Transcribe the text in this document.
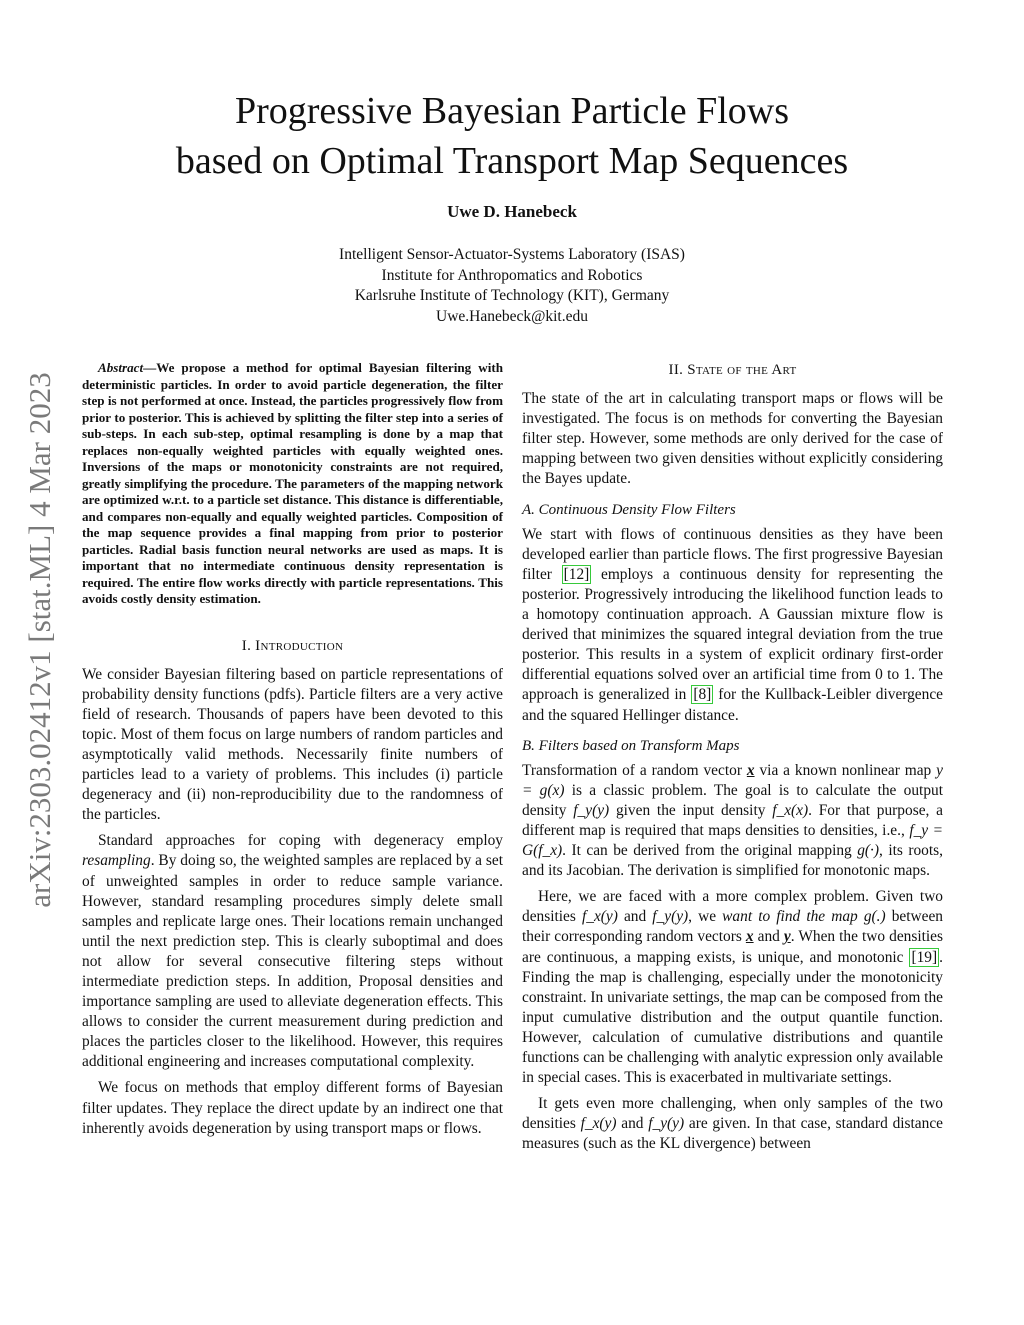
arXiv:2303.02412v1 [stat.ML] 4 Mar 2023
Progressive Bayesian Particle Flows
based on Optimal Transport Map Sequences
Uwe D. Hanebeck
Intelligent Sensor-Actuator-Systems Laboratory (ISAS)
Institute for Anthropomatics and Robotics
Karlsruhe Institute of Technology (KIT), Germany
Uwe.Hanebeck@kit.edu

Abstract—We propose a method for optimal Bayesian filtering with deterministic particles. In order to avoid particle degeneration, the filter step is not performed at once. Instead, the particles progressively flow from prior to posterior. This is achieved by splitting the filter step into a series of sub-steps. In each sub-step, optimal resampling is done by a map that replaces non-equally weighted particles with equally weighted ones. Inversions of the maps or monotonicity constraints are not required, greatly simplifying the procedure. The parameters of the mapping network are optimized w.r.t. to a particle set distance. This distance is differentiable, and compares non-equally and equally weighted particles. Composition of the map sequence provides a final mapping from prior to posterior particles. Radial basis function neural networks are used as maps. It is important that no intermediate continuous density representation is required. The entire flow works directly with particle representations. This avoids costly density estimation.

I. Introduction

We consider Bayesian filtering based on particle representations of probability density functions (pdfs). Particle filters are a very active field of research. Thousands of papers have been devoted to this topic. Most of them focus on large numbers of random particles and asymptotically valid methods. Necessarily finite numbers of particles lead to a variety of problems. This includes (i) particle degeneracy and (ii) non-reproducibility due to the randomness of the particles.

Standard approaches for coping with degeneracy employ resampling. By doing so, the weighted samples are replaced by a set of unweighted samples in order to reduce sample variance. However, standard resampling procedures simply delete small samples and replicate large ones. Their locations remain unchanged until the next prediction step. This is clearly suboptimal and does not allow for several consecutive filtering steps without intermediate prediction steps. In addition, Proposal densities and importance sampling are used to alleviate degeneration effects. This allows to consider the current measurement during prediction and places the particles closer to the likelihood. However, this requires additional engineering and increases computational complexity.

We focus on methods that employ different forms of Bayesian filter updates. They replace the direct update by an indirect one that inherently avoids degeneration by using transport maps or flows.

II. State of the Art

The state of the art in calculating transport maps or flows will be investigated. The focus is on methods for converting the Bayesian filter step. However, some methods are only derived for the case of mapping between two given densities without explicitly considering the Bayes update.

A. Continuous Density Flow Filters

We start with flows of continuous densities as they have been developed earlier than particle flows. The first progressive Bayesian filter [12] employs a continuous density for representing the posterior. Progressively introducing the likelihood function leads to a homotopy continuation approach. A Gaussian mixture flow is derived that minimizes the squared integral deviation from the true posterior. This results in a system of explicit ordinary first-order differential equations solved over an artificial time from 0 to 1. The approach is generalized in [8] for the Kullback-Leibler divergence and the squared Hellinger distance.

B. Filters based on Transform Maps

Transformation of a random vector x via a known nonlinear map y = g(x) is a classic problem. The goal is to calculate the output density f_y(y) given the input density f_x(x). For that purpose, a different map is required that maps densities to densities, i.e., f_y = G(f_x). It can be derived from the original mapping g(·), its roots, and its Jacobian. The derivation is simplified for monotonic maps.

Here, we are faced with a more complex problem. Given two densities f_x(y) and f_y(y), we want to find the map g(.) between their corresponding random vectors x and y. When the two densities are continuous, a mapping exists, is unique, and monotonic [19] . Finding the map is challenging, especially under the monotonicity constraint. In univariate settings, the map can be composed from the input cumulative distribution and the output quantile function. However, calculation of cumulative distributions and quantile functions can be challenging with analytic expression only available in special cases. This is exacerbated in multivariate settings.

It gets even more challenging, when only samples of the two densities f_x(y) and f_y(y) are given. In that case, standard distance measures (such as the KL divergence) between
